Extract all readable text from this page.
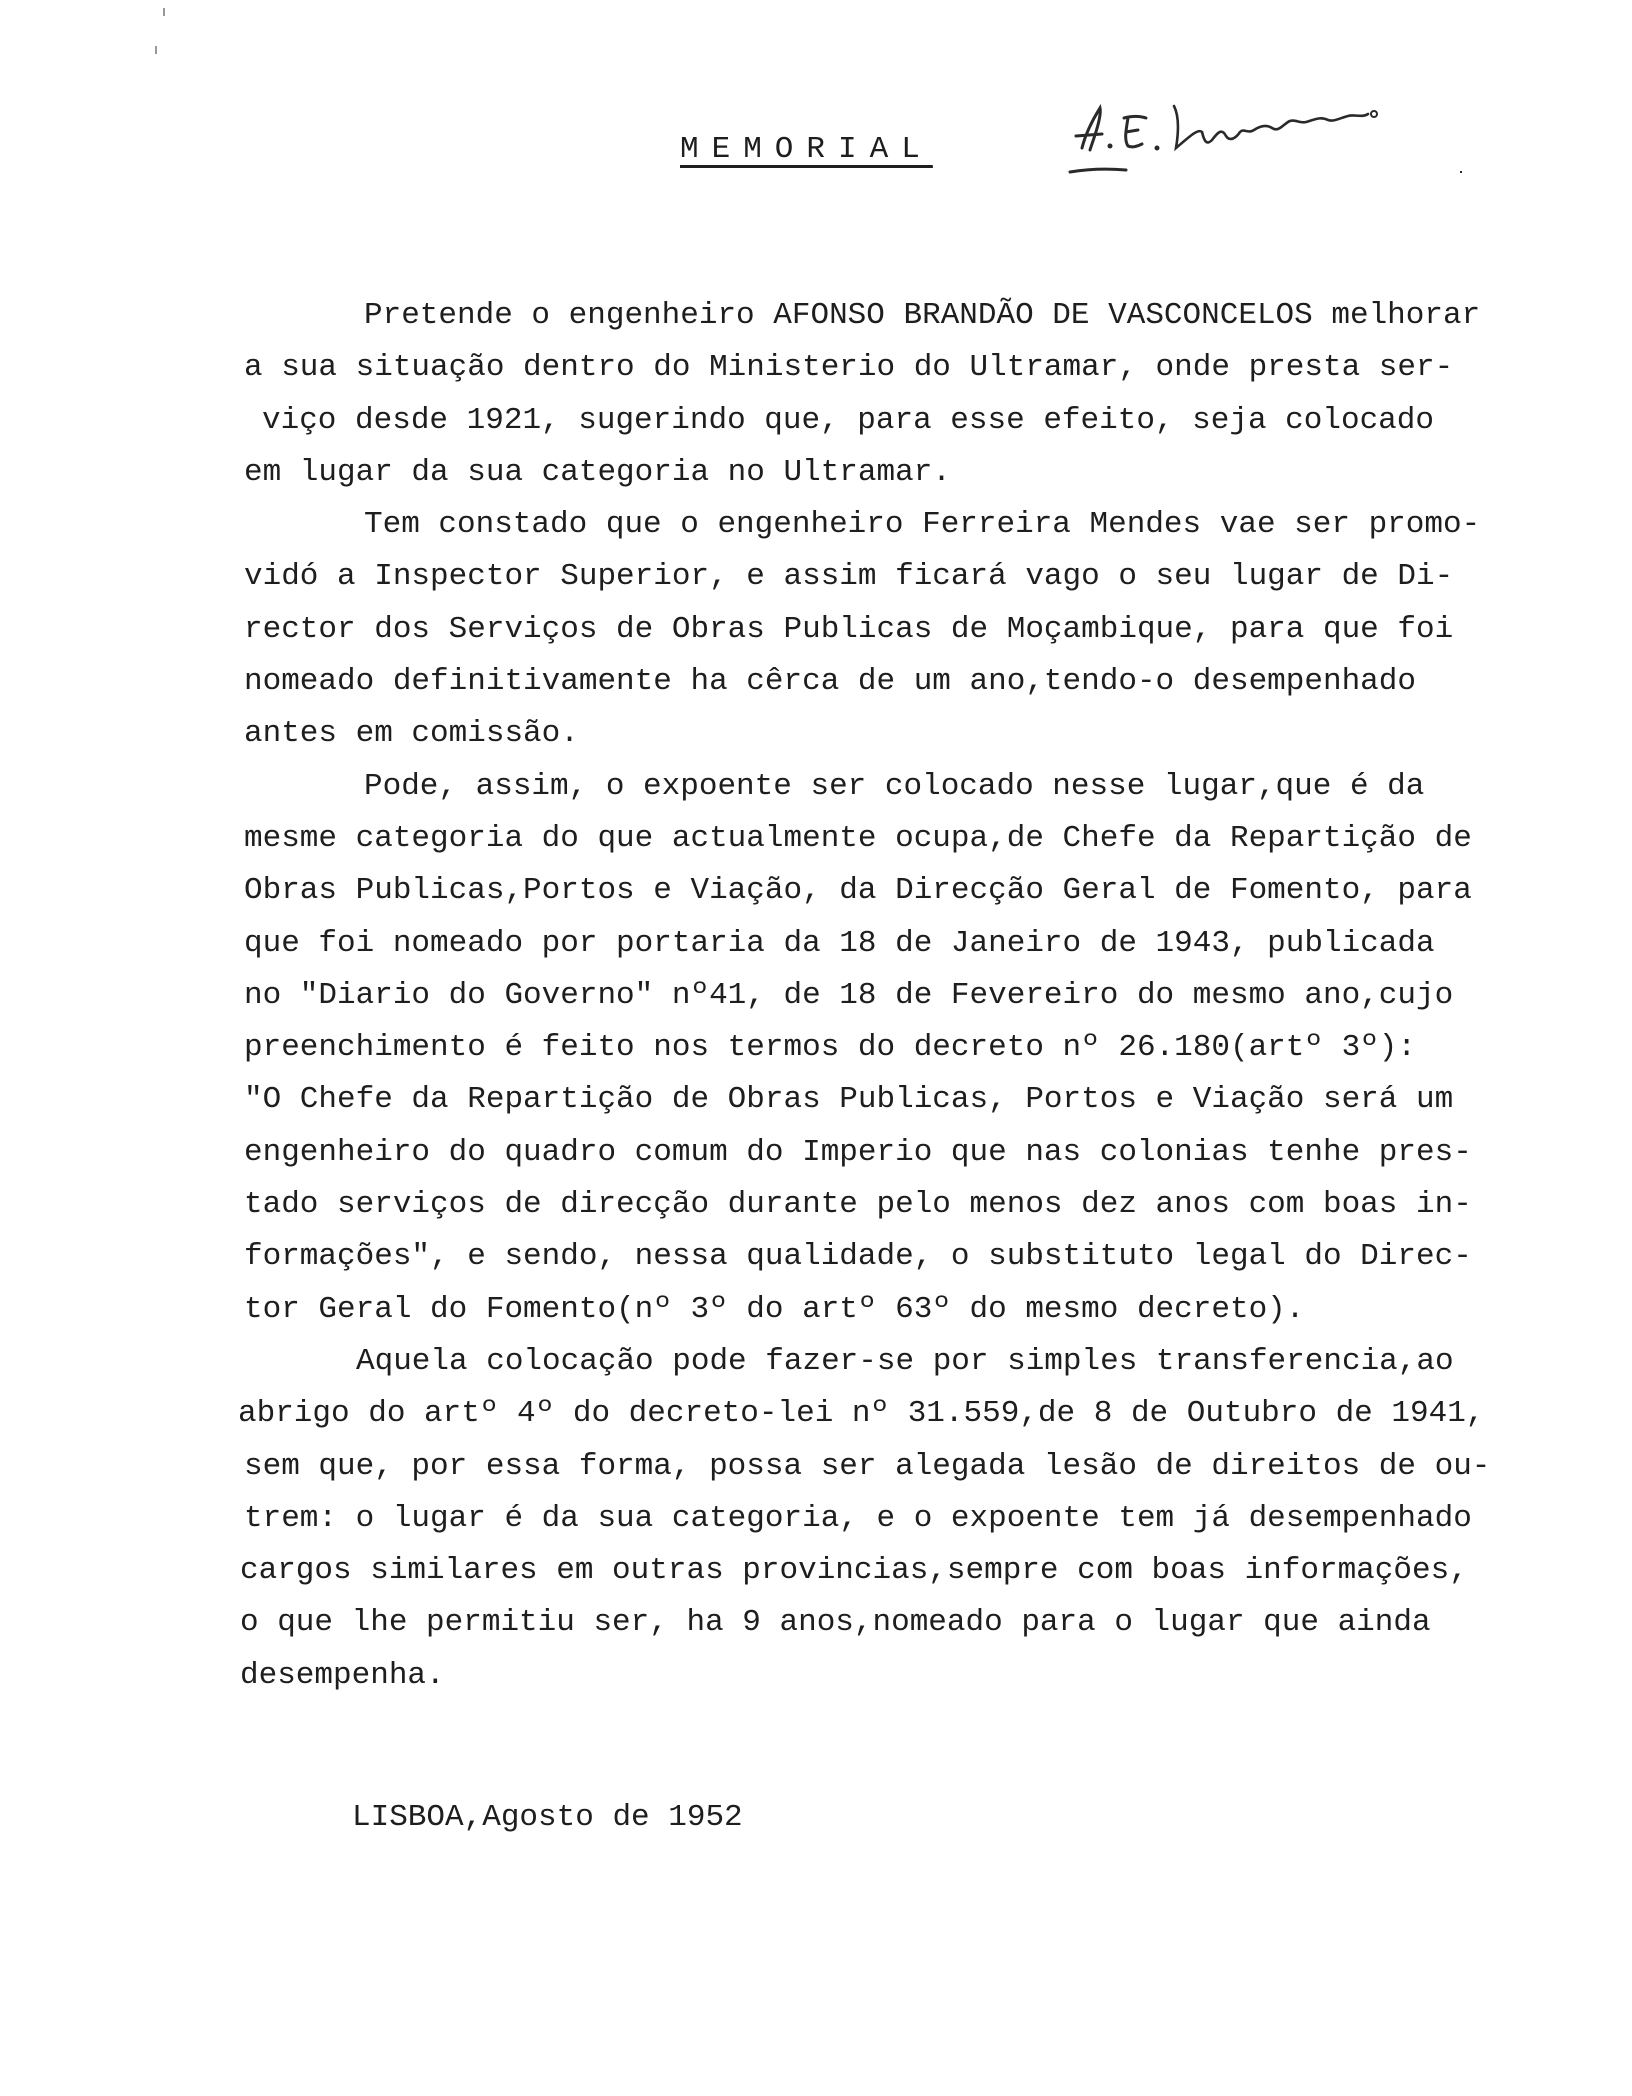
MEMORIAL
Pretende o engenheiro AFONSO BRANDÃO DE VASCONCELOS melhorar
a sua situação dentro do Ministerio do Ultramar, onde presta ser-
viço desde 1921, sugerindo que, para esse efeito, seja colocado
em lugar da sua categoria no Ultramar.
Tem constado que o engenheiro Ferreira Mendes vae ser promo-
vidó a Inspector Superior, e assim ficará vago o seu lugar de Di-
rector dos Serviços de Obras Publicas de Moçambique, para que foi
nomeado definitivamente ha cêrca de um ano,tendo-o desempenhado
antes em comissão.
Pode, assim, o expoente ser colocado nesse lugar,que é da
mesme categoria do que actualmente ocupa,de Chefe da Repartição de
Obras Publicas,Portos e Viação, da Direcção Geral de Fomento, para
que foi nomeado por portaria da 18 de Janeiro de 1943, publicada
no "Diario do Governo" nº41, de 18 de Fevereiro do mesmo ano,cujo
preenchimento é feito nos termos do decreto nº 26.180(artº 3º):
"O Chefe da Repartição de Obras Publicas, Portos e Viação será um
engenheiro do quadro comum do Imperio que nas colonias tenhe pres-
tado serviços de direcção durante pelo menos dez anos com boas in-
formações", e sendo, nessa qualidade, o substituto legal do Direc-
tor Geral do Fomento(nº 3º do artº 63º do mesmo decreto).
Aquela colocação pode fazer-se por simples transferencia,ao
abrigo do artº 4º do decreto-lei nº 31.559,de 8 de Outubro de 1941,
sem que, por essa forma, possa ser alegada lesão de direitos de ou-
trem: o lugar é da sua categoria, e o expoente tem já desempenhado
cargos similares em outras provincias,sempre com boas informações,
o que lhe permitiu ser, ha 9 anos,nomeado para o lugar que ainda
desempenha.
LISBOA,Agosto de 1952
